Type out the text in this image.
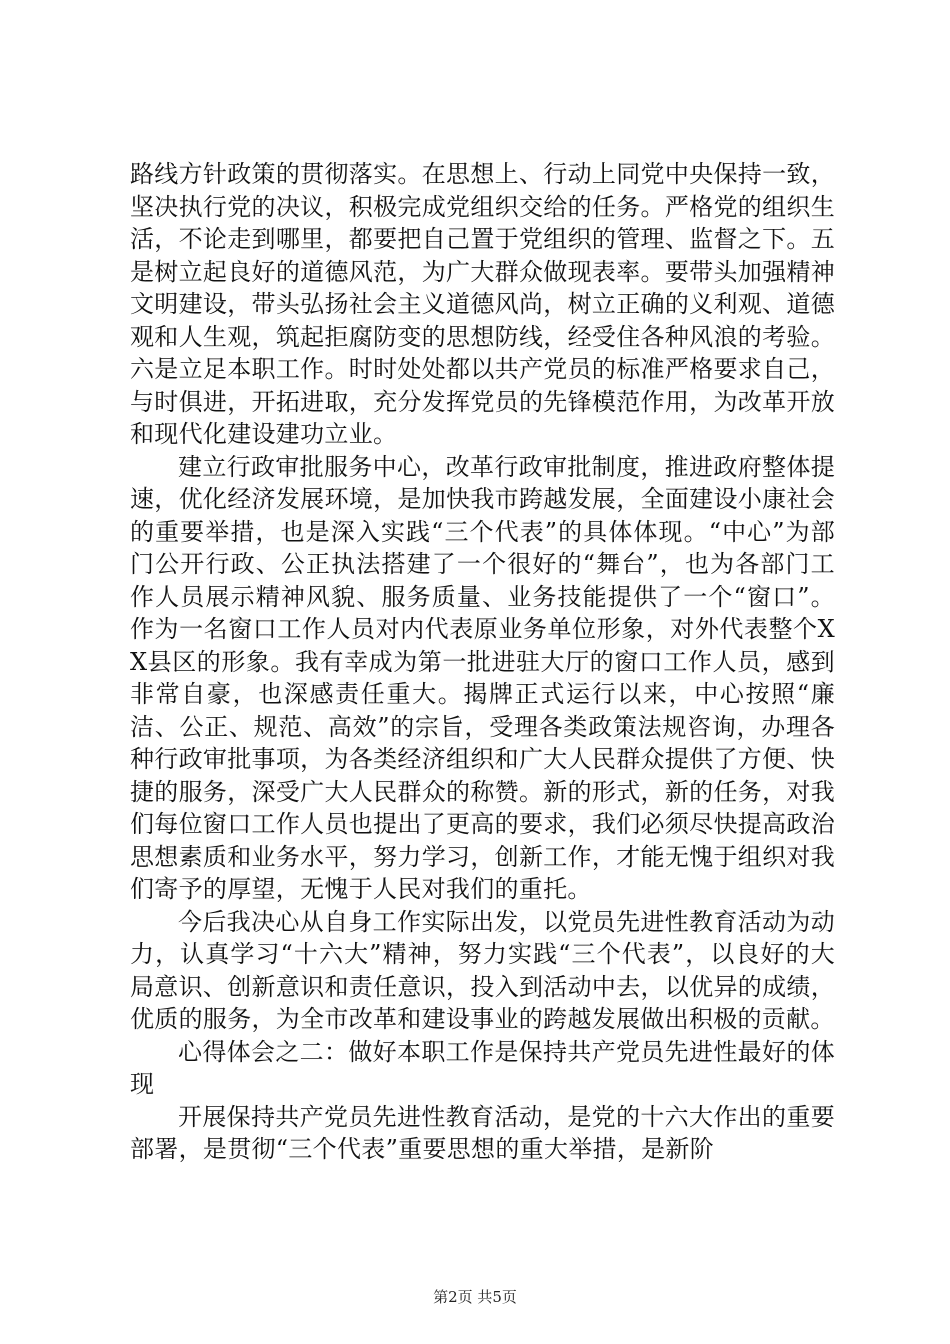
路线方针政策的贯彻落实。在思想上、行动上同党中央保持一致，坚决执行党的决议，积极完成党组织交给的任务。严格党的组织生活，不论走到哪里，都要把自己置于党组织的管理、监督之下。五是树立起良好的道德风范，为广大群众做现表率。要带头加强精神文明建设，带头弘扬社会主义道德风尚，树立正确的义利观、道德观和人生观，筑起拒腐防变的思想防线，经受住各种风浪的考验。六是立足本职工作。时时处处都以共产党员的标准严格要求自己，与时俱进，开拓进取，充分发挥党员的先锋模范作用，为改革开放和现代化建设建功立业。

建立行政审批服务中心，改革行政审批制度，推进政府整体提速，优化经济发展环境，是加快我市跨越发展，全面建设小康社会的重要举措，也是深入实践“三个代表”的具体体现。“中心”为部门公开行政、公正执法搭建了一个很好的“舞台”，也为各部门工作人员展示精神风貌、服务质量、业务技能提供了一个“窗口”。作为一名窗口工作人员对内代表原业务单位形象，对外代表整个XX县区的形象。我有幸成为第一批进驻大厅的窗口工作人员，感到非常自豪，也深感责任重大。揭牌正式运行以来，中心按照“廉洁、公正、规范、高效”的宗旨，受理各类政策法规咨询，办理各种行政审批事项，为各类经济组织和广大人民群众提供了方便、快捷的服务，深受广大人民群众的称赞。新的形式，新的任务，对我们每位窗口工作人员也提出了更高的要求，我们必须尽快提高政治思想素质和业务水平，努力学习，创新工作，才能无愧于组织对我们寄予的厚望，无愧于人民对我们的重托。

今后我决心从自身工作实际出发，以党员先进性教育活动为动力，认真学习“十六大”精神，努力实践“三个代表”，以良好的大局意识、创新意识和责任意识，投入到活动中去，以优异的成绩，优质的服务，为全市改革和建设事业的跨越发展做出积极的贡献。

心得体会之二：做好本职工作是保持共产党员先进性最好的体现

开展保持共产党员先进性教育活动，是党的十六大作出的重要部署，是贯彻“三个代表”重要思想的重大举措，是新阶

第2页 共5页
